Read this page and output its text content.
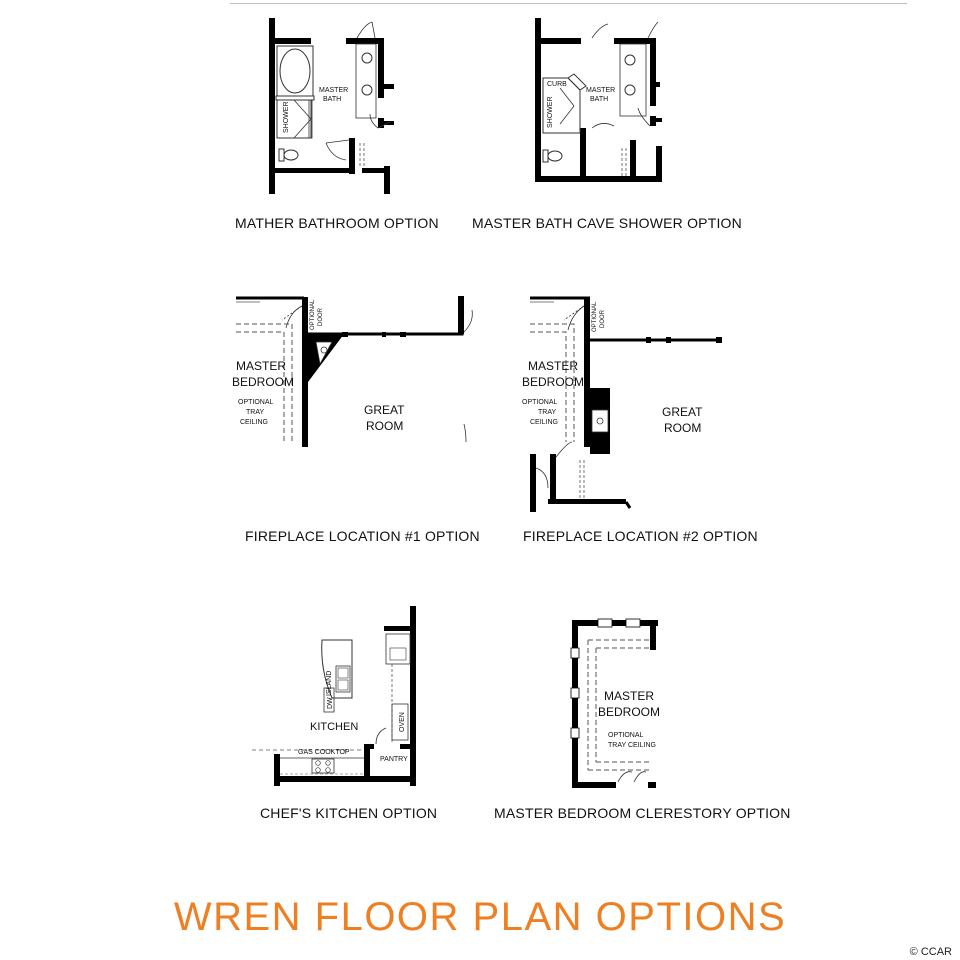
SHOWER
MASTER
BATH
MATHER BATHROOM OPTION
CURB
SHOWER
MASTER
BATH
MASTER BATH CAVE SHOWER OPTION
MASTER
BEDROOM
OPTIONAL
TRAY
CEILING
OPTIONAL DOOR
GREAT
ROOM
FIREPLACE LOCATION #1 OPTION
MASTER
BEDROOM
OPTIONAL
TRAY
CEILING
OPTIONAL DOOR
GREAT
ROOM
FIREPLACE LOCATION #2 OPTION
ISLAND
DW
OVEN
PANTRY
GAS COOKTOP
KITCHEN
CHEF'S KITCHEN OPTION
MASTER
BEDROOM
OPTIONAL
TRAY CEILING
MASTER BEDROOM CLERESTORY OPTION
WREN FLOOR PLAN OPTIONS
© CCAR
